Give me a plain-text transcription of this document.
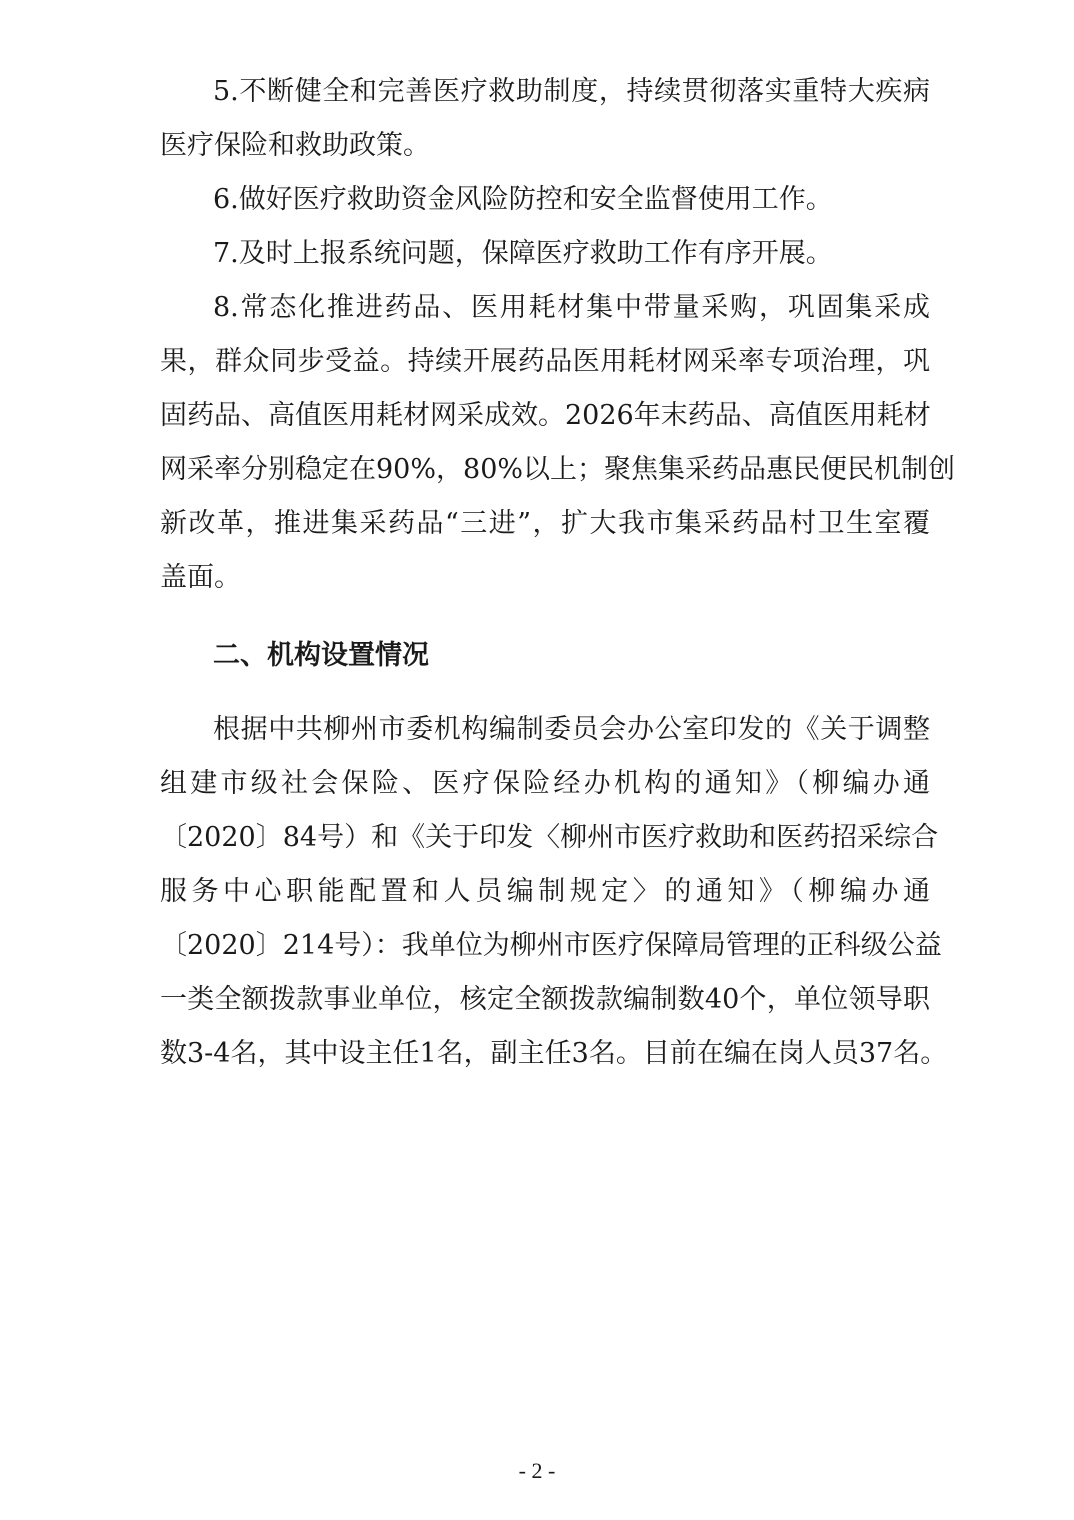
5.不断健全和完善医疗救助制度，持续贯彻落实重特大疾病
医疗保险和救助政策。
6.做好医疗救助资金风险防控和安全监督使用工作。
7.及时上报系统问题，保障医疗救助工作有序开展。
8.常态化推进药品、医用耗材集中带量采购，巩固集采成
果，群众同步受益。持续开展药品医用耗材网采率专项治理，巩
固药品、高值医用耗材网采成效。2026年末药品、高值医用耗材
网采率分别稳定在90%，80%以上；聚焦集采药品惠民便民机制创
新改革，推进集采药品“三进”，扩大我市集采药品村卫生室覆
盖面。
二、机构设置情况
根据中共柳州市委机构编制委员会办公室印发的《关于调整
组建市级社会保险、医疗保险经办机构的通知》（柳编办通
〔2020〕84号）和《关于印发〈柳州市医疗救助和医药招采综合
服务中心职能配置和人员编制规定〉的通知》（柳编办通
〔2020〕214号）：我单位为柳州市医疗保障局管理的正科级公益
一类全额拨款事业单位，核定全额拨款编制数40个，单位领导职
数3-4名，其中设主任1名，副主任3名。目前在编在岗人员37名。
- 2 -
